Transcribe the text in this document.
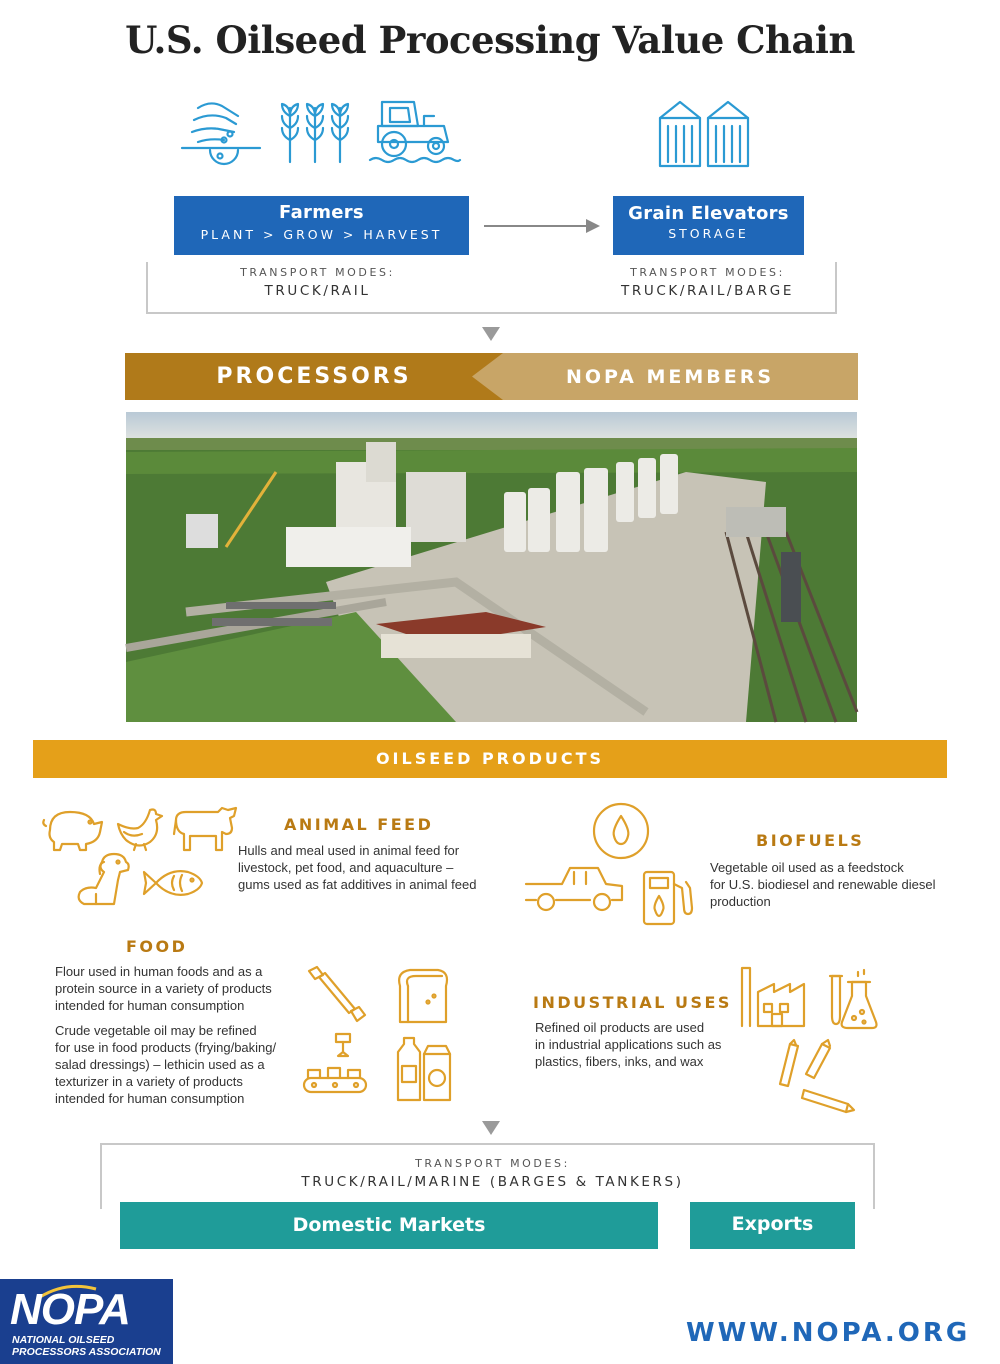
U.S. Oilseed Processing Value Chain
Farmers
PLANT > GROW > HARVEST
Grain Elevators
STORAGE
TRANSPORT MODES:
TRUCK/RAIL
TRANSPORT MODES:
TRUCK/RAIL/BARGE
PROCESSORS	NOPA MEMBERS
OILSEED PRODUCTS
ANIMAL FEED
Hulls and meal used in animal feed for
livestock, pet food, and aquaculture –
gums used as fat additives in animal feed
BIOFUELS
Vegetable oil used as a feedstock
for U.S. biodiesel and renewable diesel
production
FOOD
Flour used in human foods and as a
protein source in a variety of products
intended for human consumption
Crude vegetable oil may be refined
for use in food products (frying/baking/
salad dressings) – lethicin used as a
texturizer in a variety of products
intended for human consumption
INDUSTRIAL USES
Refined oil products are used
in industrial applications such as
plastics, fibers, inks, and wax
TRANSPORT MODES:
TRUCK/RAIL/MARINE (BARGES & TANKERS)
Domestic Markets	Exports
NOPA
NATIONAL OILSEED
PROCESSORS ASSOCIATION
WWW.NOPA.ORG
